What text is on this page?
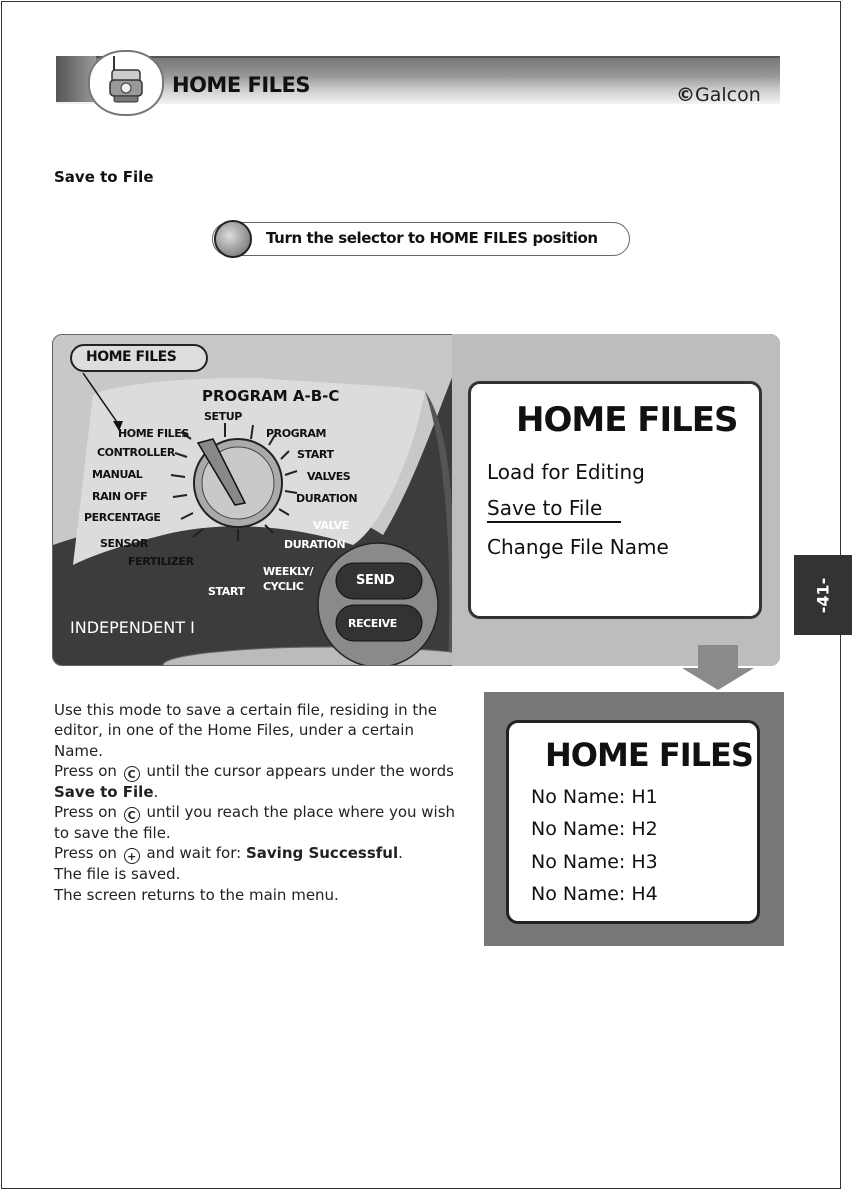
HOME FILES	©Galcon
Save to File
Turn the selector to HOME FILES position
HOME FILES
PROGRAM A-B-C
SETUP
HOME FILES
CONTROLLER
MANUAL
RAIN OFF
PERCENTAGE
SENSOR
FERTILIZER
PROGRAM
START
VALVES
DURATION
VALVE
DURATION
WEEKLY/
CYCLIC
START
INDEPENDENT I
SEND
RECEIVE
HOME FILES
Load for Editing
Save to File
Change File Name
HOME FILES
No Name: H1
No Name: H2
No Name: H3
No Name: H4

Use this mode to save a certain file, residing in the editor, in one of the Home Files, under a certain Name.

Press on C until the cursor appears under the words Save to File.

Press on C until you reach the place where you wish to save the file.

Press on + and wait for: Saving Successful.

The file is saved.

The screen returns to the main menu.

-41-
